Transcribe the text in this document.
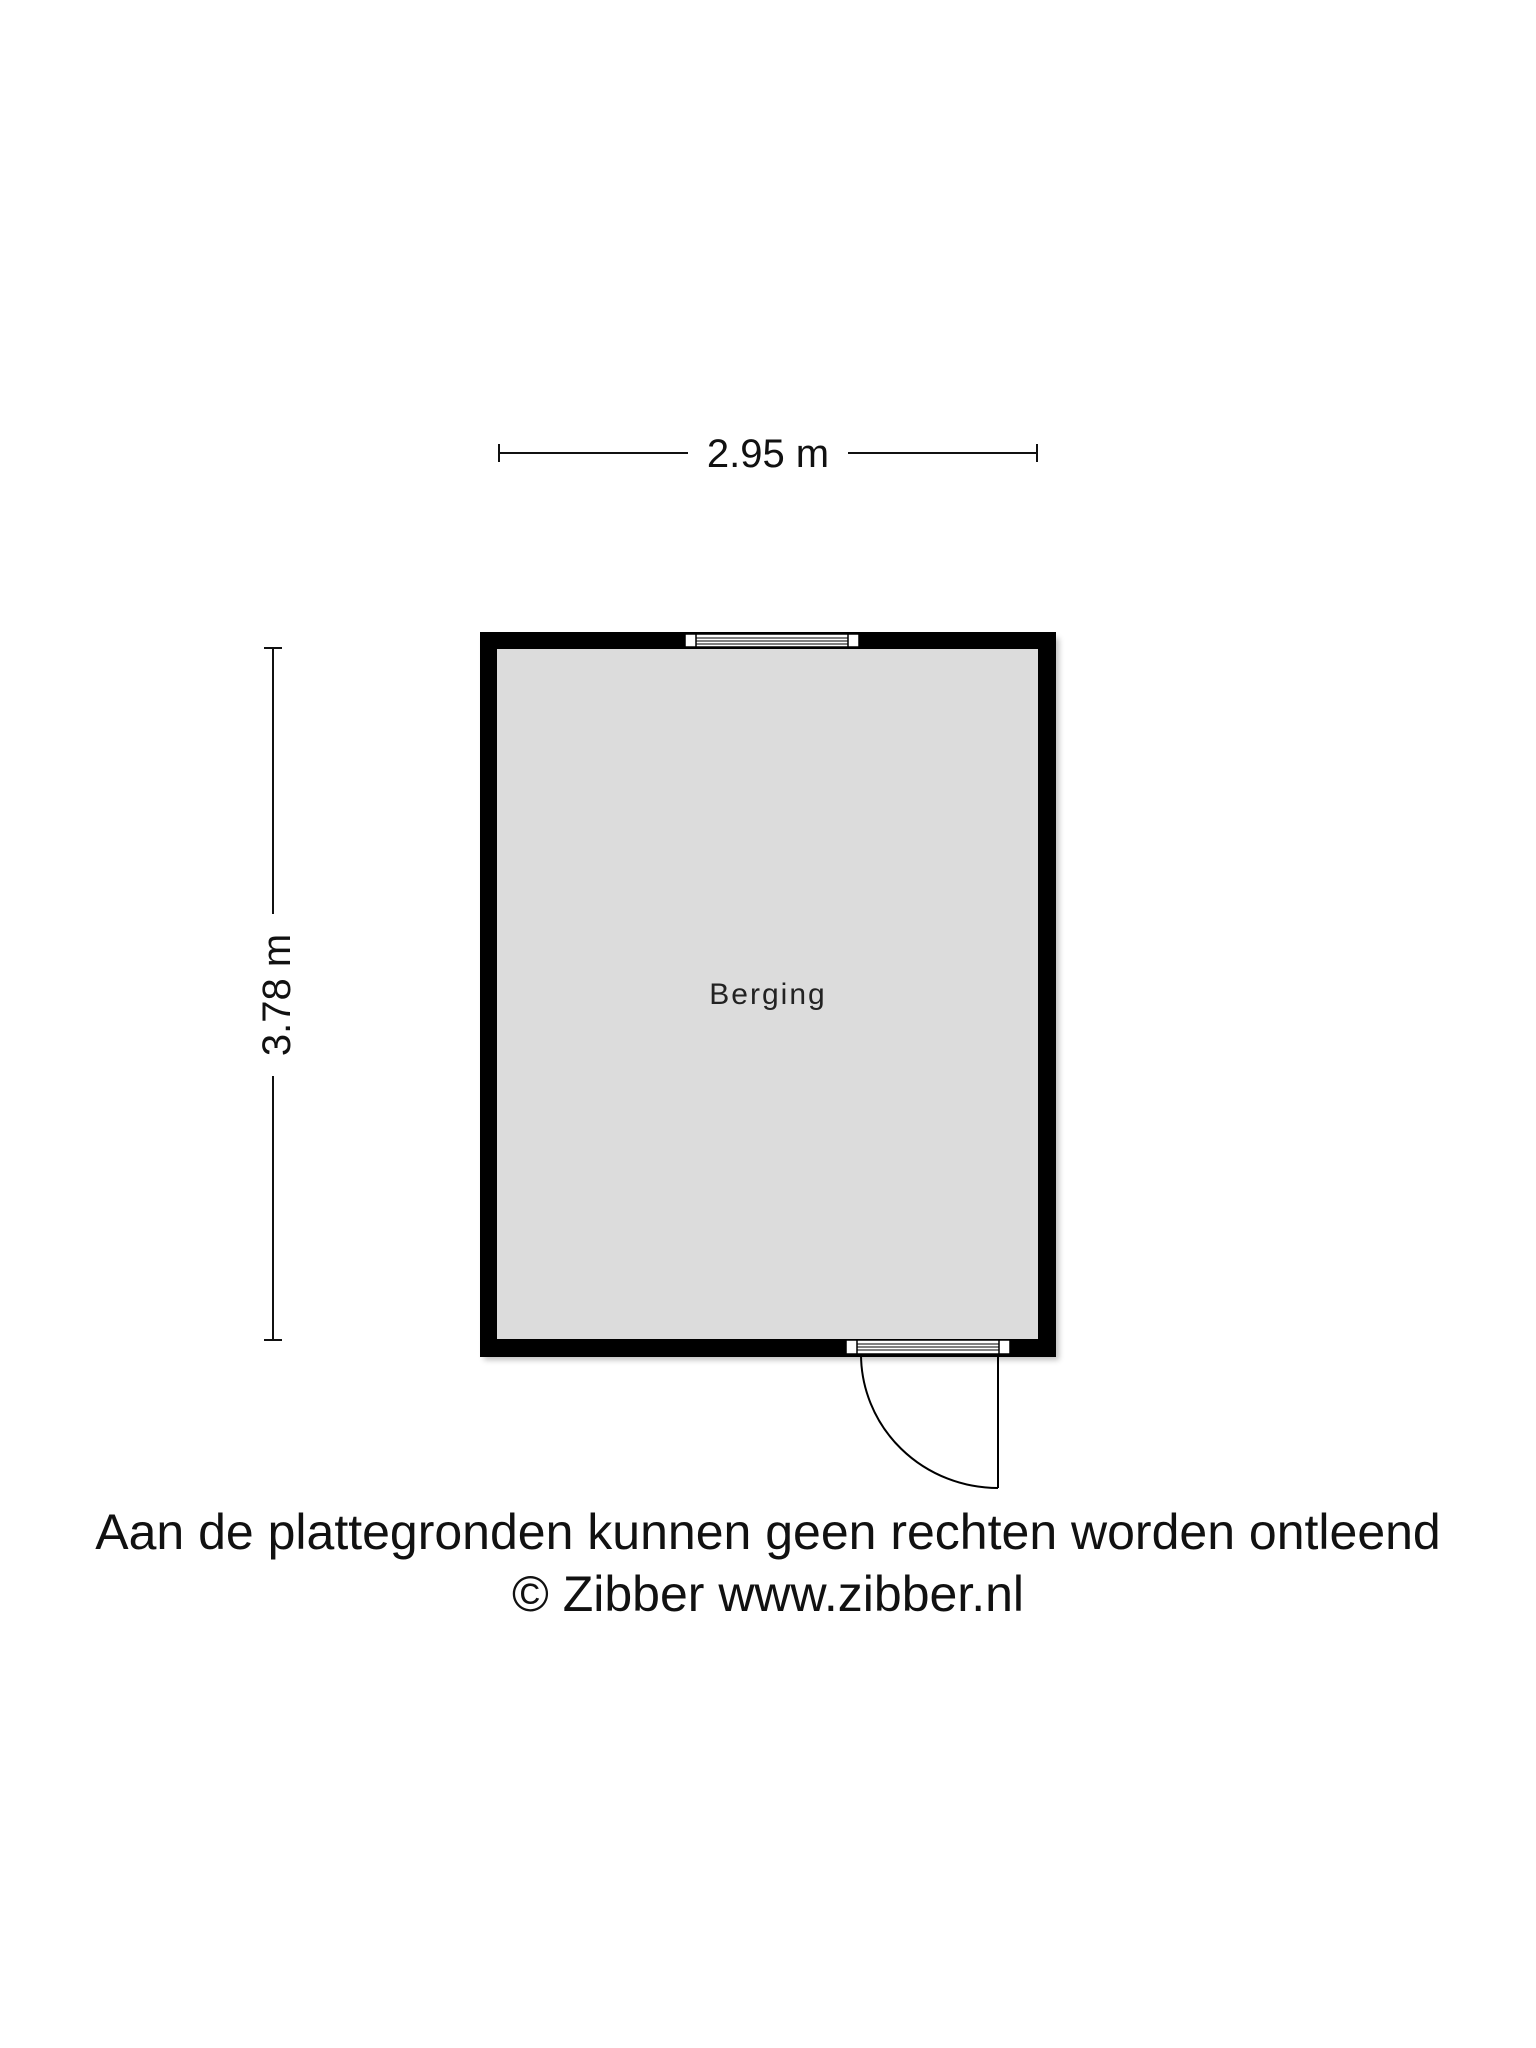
2.95 m
3.78 m	Berging
Aan de plattegronden kunnen geen rechten worden ontleend
© Zibber www.zibber.nl
